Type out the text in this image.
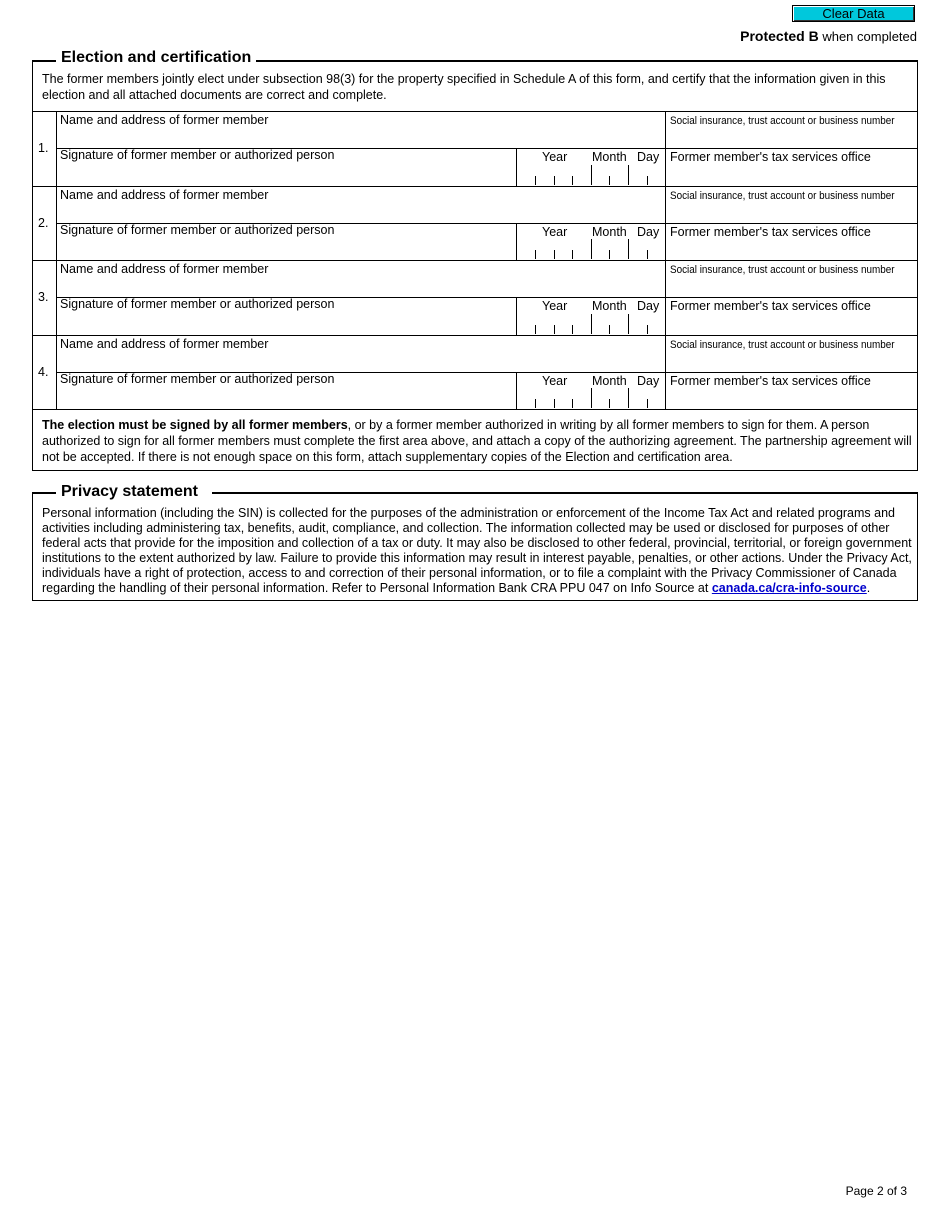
Clear Data
Protected B when completed
Election and certification
The former members jointly elect under subsection 98(3) for the property specified in Schedule A of this form, and certify that the information given in this election and all attached documents are correct and complete.
1.
Name and address of former member	Social insurance, trust account or business number
Signature of former member or authorized person	Year Month Day Former member's tax services office
2.
Name and address of former member	Social insurance, trust account or business number
Signature of former member or authorized person	Year Month Day Former member's tax services office
3.
Name and address of former member	Social insurance, trust account or business number
Signature of former member or authorized person	Year Month Day Former member's tax services office
4.
Name and address of former member	Social insurance, trust account or business number
Signature of former member or authorized person	Year Month Day Former member's tax services office
The election must be signed by all former members, or by a former member authorized in writing by all former members to sign for them. A person authorized to sign for all former members must complete the first area above, and attach a copy of the authorizing agreement. The partnership agreement will not be accepted. If there is not enough space on this form, attach supplementary copies of the Election and certification area.
Privacy statement
Personal information (including the SIN) is collected for the purposes of the administration or enforcement of the Income Tax Act and related programs and activities including administering tax, benefits, audit, compliance, and collection. The information collected may be used or disclosed for purposes of other federal acts that provide for the imposition and collection of a tax or duty. It may also be disclosed to other federal, provincial, territorial, or foreign government institutions to the extent authorized by law. Failure to provide this information may result in interest payable, penalties, or other actions. Under the Privacy Act, individuals have a right of protection, access to and correction of their personal information, or to file a complaint with the Privacy Commissioner of Canada regarding the handling of their personal information. Refer to Personal Information Bank CRA PPU 047 on Info Source at canada.ca/cra-info-source.
Page 2 of 3
